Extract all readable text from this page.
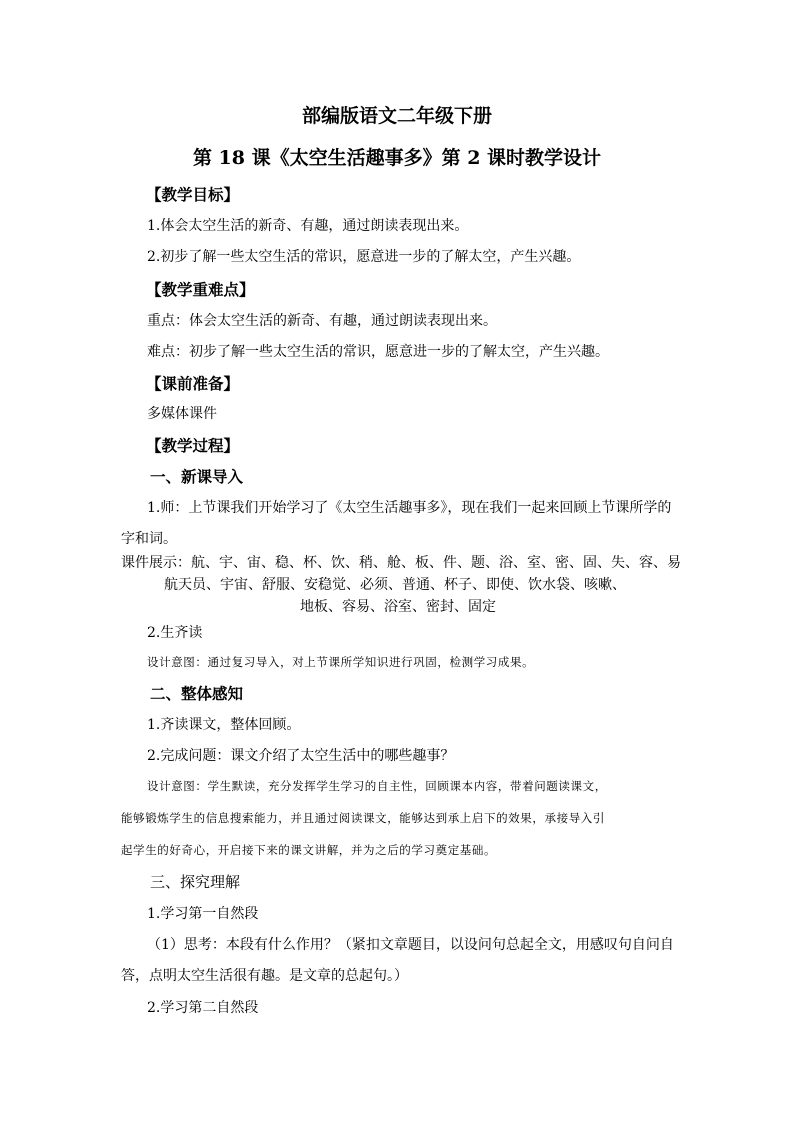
部编版语文二年级下册
第 18 课《太空生活趣事多》第 2 课时教学设计
【教学目标】
1.体会太空生活的新奇、有趣，通过朗读表现出来。
2.初步了解一些太空生活的常识，愿意进一步的了解太空，产生兴趣。
【教学重难点】
重点：体会太空生活的新奇、有趣，通过朗读表现出来。
难点：初步了解一些太空生活的常识，愿意进一步的了解太空，产生兴趣。
【课前准备】
多媒体课件
【教学过程】
一、新课导入
1.师：上节课我们开始学习了《太空生活趣事多》，现在我们一起来回顾上节课所学的
字和词。
课件展示：航、宇、宙、稳、杯、饮、稍、舱、板、件、题、浴、室、密、固、失、容、易
航天员、宇宙、舒服、安稳觉、必须、普通、杯子、即使、饮水袋、咳嗽、
地板、容易、浴室、密封、固定
2.生齐读
设计意图：通过复习导入，对上节课所学知识进行巩固，检测学习成果。
二、整体感知
1.齐读课文，整体回顾。
2.完成问题：课文介绍了太空生活中的哪些趣事？
设计意图：学生默读，充分发挥学生学习的自主性，回顾课本内容，带着问题读课文，
能够锻炼学生的信息搜索能力，并且通过阅读课文，能够达到承上启下的效果，承接导入引
起学生的好奇心，开启接下来的课文讲解，并为之后的学习奠定基础。
三、探究理解
1.学习第一自然段
（1）思考：本段有什么作用？（紧扣文章题目，以设问句总起全文，用感叹句自问自
答，点明太空生活很有趣。是文章的总起句。）
2.学习第二自然段
